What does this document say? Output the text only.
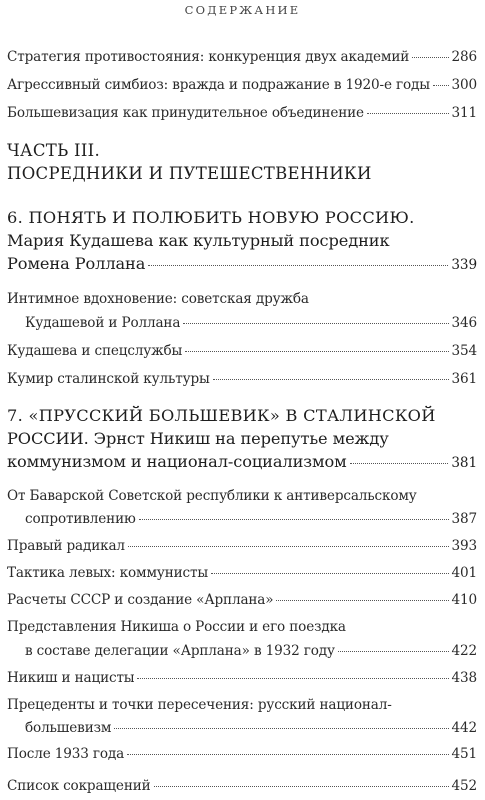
СОДЕРЖАНИЕ
Стратегия противостояния: конкуренция двух академий	286
Агрессивный симбиоз: вражда и подражание в 1920-е годы 300
Большевизация как принудительное объединение	311
ЧАСТЬ III.
ПОСРЕДНИКИ И ПУТЕШЕСТВЕННИКИ
6. ПОНЯТЬ И ПОЛЮБИТЬ НОВУЮ РОССИЮ.
Мария Кудашева как культурный посредник
Ромена Роллана	339
Интимное вдохновение: советская дружба
Кудашевой и Роллана	346
Кудашева и спецслужбы	354
Кумир сталинской культуры	361
7. «ПРУССКИЙ БОЛЬШЕВИК» В СТАЛИНСКОЙ
РОССИИ. Эрнст Никиш на перепутье между
коммунизмом и национал-социализмом	381
От Баварской Советской республики к антиверсальскому
сопротивлению	387
Правый радикал	393
Тактика левых: коммунисты	401
Расчеты СССР и создание «Арплана»	410
Представления Никиша о России и его поездка
в составе делегации «Арплана» в 1932 году	422
Никиш и нацисты	438
Прецеденты и точки пересечения: русский национал-
большевизм	442
После 1933 года	451
Список сокращений	452
